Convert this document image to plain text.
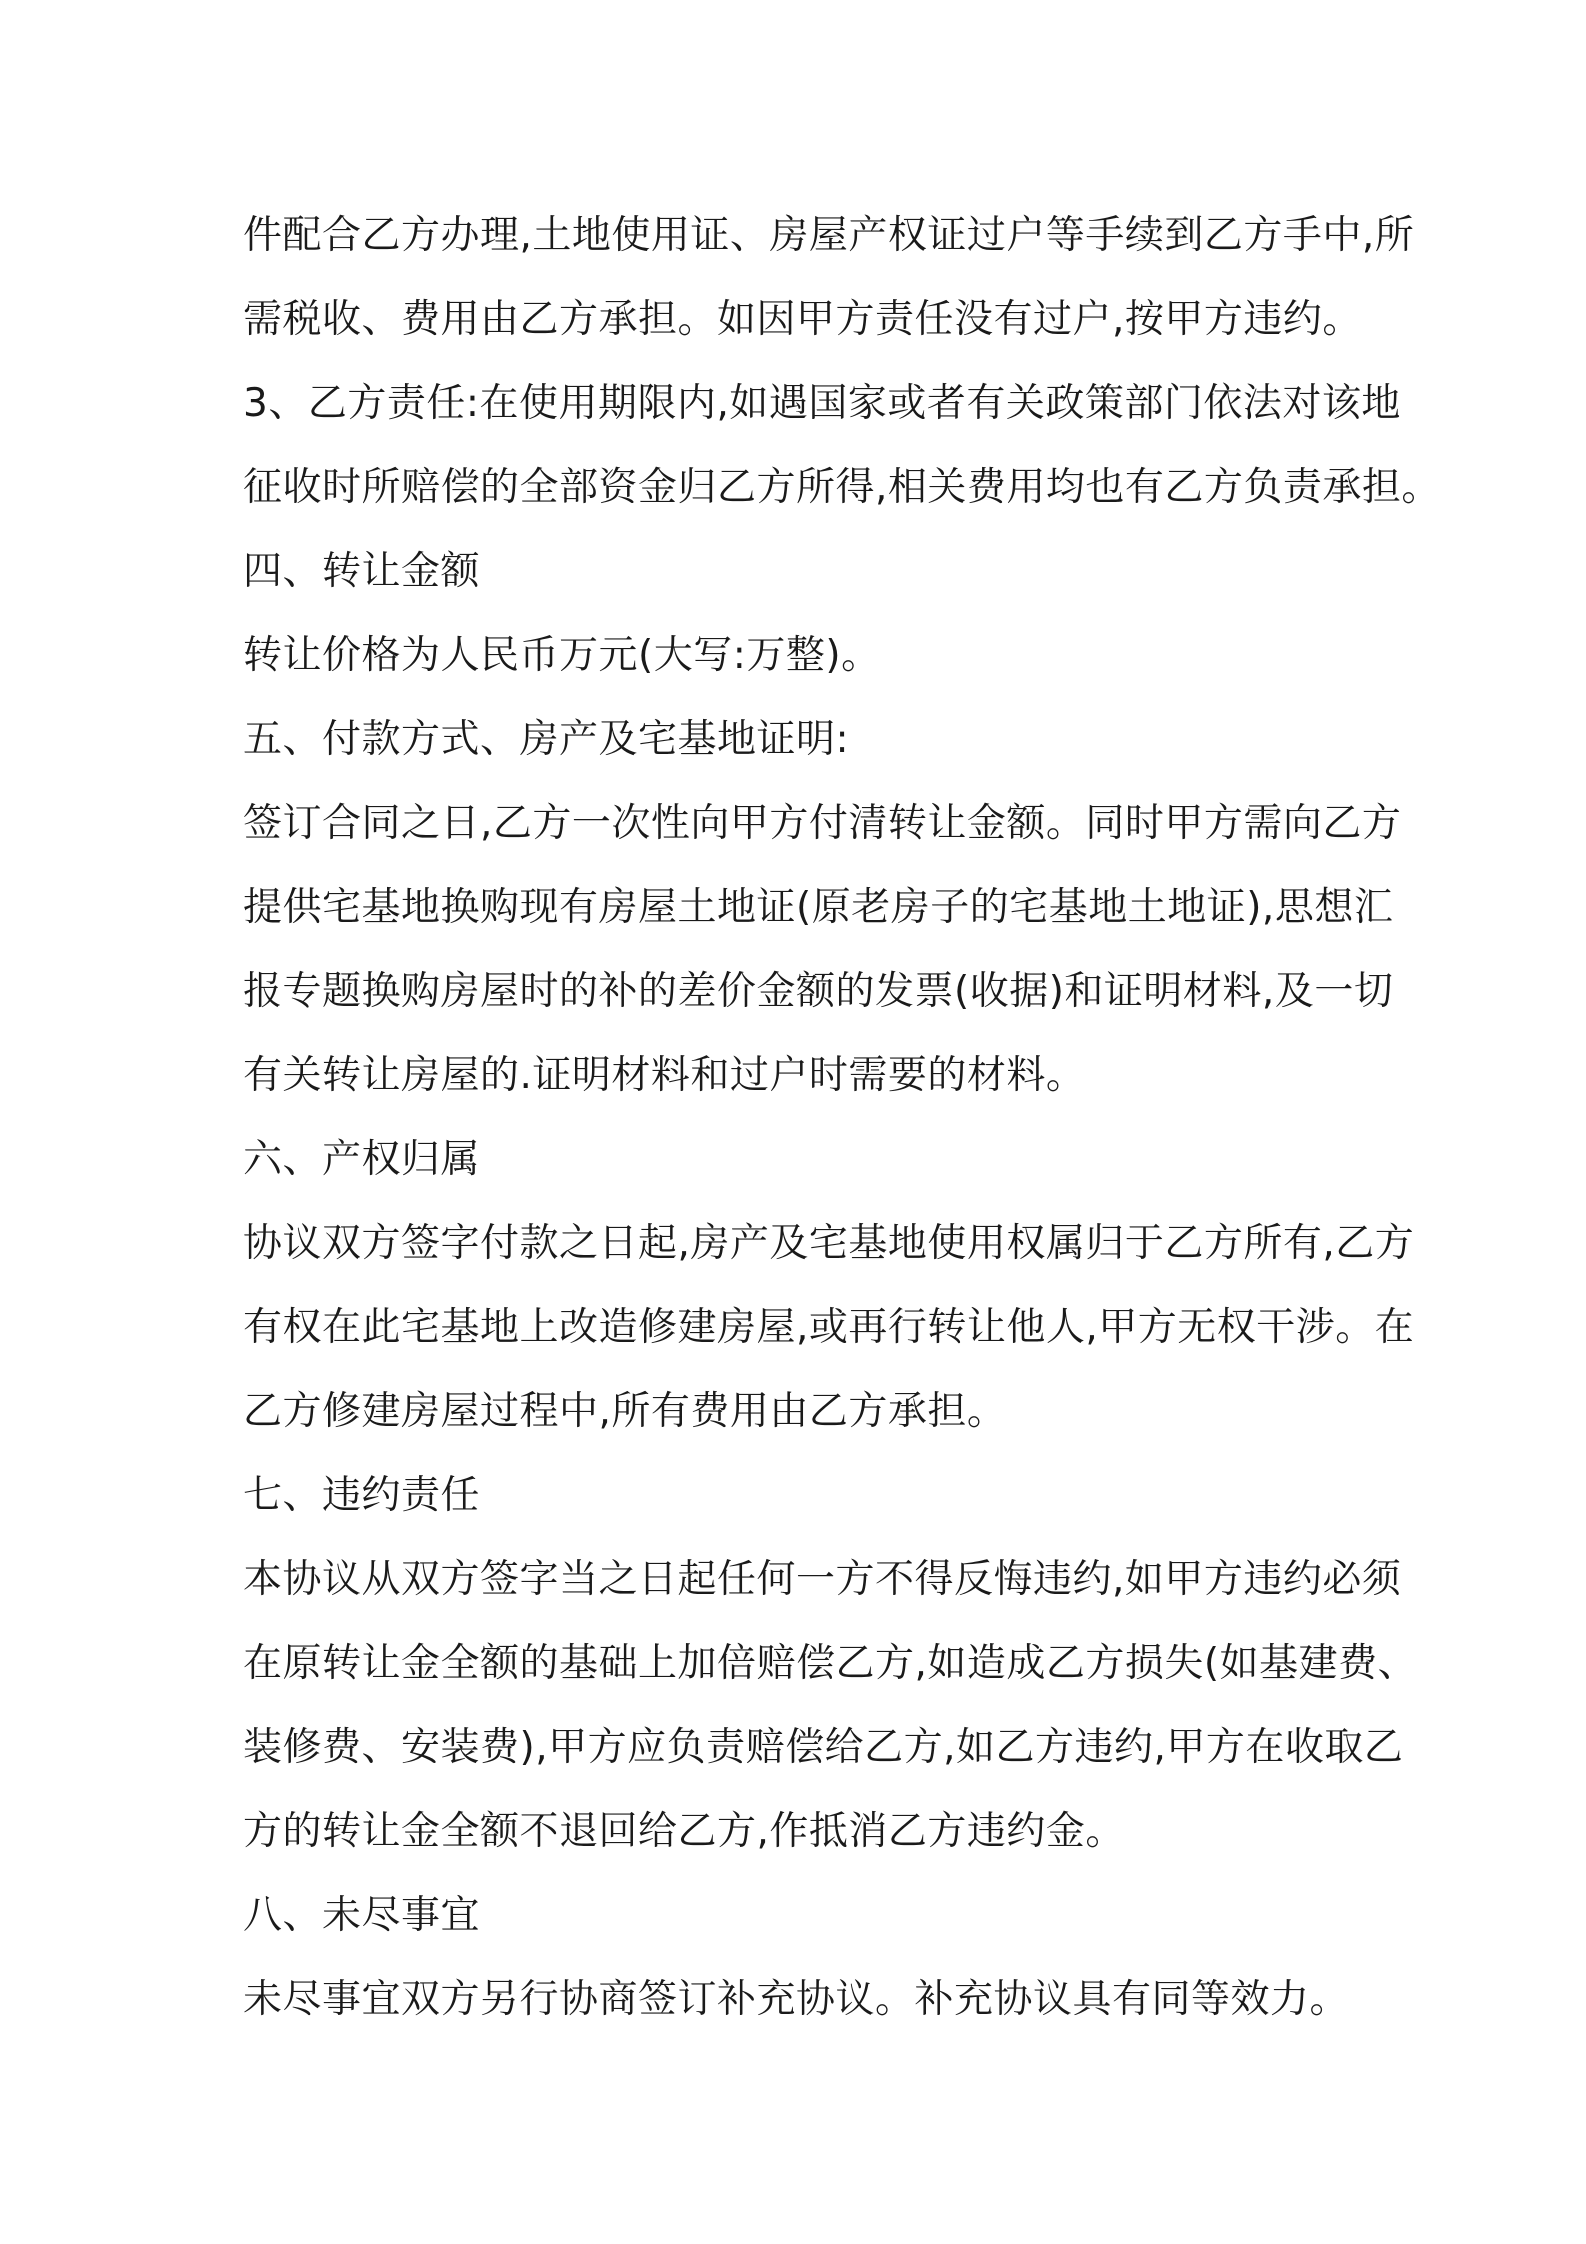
件配合乙方办理,土地使用证、房屋产权证过户等手续到乙方手中,所
需税收、费用由乙方承担。如因甲方责任没有过户,按甲方违约。
3、乙方责任:在使用期限内,如遇国家或者有关政策部门依法对该地
征收时所赔偿的全部资金归乙方所得,相关费用均也有乙方负责承担。
四、转让金额
转让价格为人民币万元(大写:万整)。
五、付款方式、房产及宅基地证明:
签订合同之日,乙方一次性向甲方付清转让金额。同时甲方需向乙方
提供宅基地换购现有房屋土地证(原老房子的宅基地土地证),思想汇
报专题换购房屋时的补的差价金额的发票(收据)和证明材料,及一切
有关转让房屋的.证明材料和过户时需要的材料。
六、产权归属
协议双方签字付款之日起,房产及宅基地使用权属归于乙方所有,乙方
有权在此宅基地上改造修建房屋,或再行转让他人,甲方无权干涉。在
乙方修建房屋过程中,所有费用由乙方承担。
七、违约责任
本协议从双方签字当之日起任何一方不得反悔违约,如甲方违约必须
在原转让金全额的基础上加倍赔偿乙方,如造成乙方损失(如基建费、
装修费、安装费),甲方应负责赔偿给乙方,如乙方违约,甲方在收取乙
方的转让金全额不退回给乙方,作抵消乙方违约金。
八、未尽事宜
未尽事宜双方另行协商签订补充协议。补充协议具有同等效力。
